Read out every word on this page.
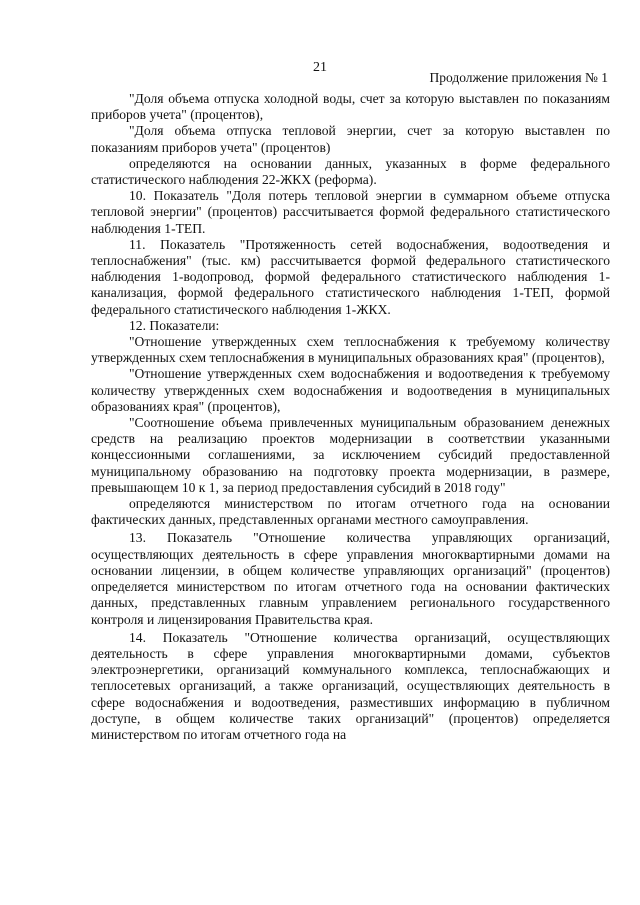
21
Продолжение приложения № 1

"Доля объема отпуска холодной воды, счет за которую выставлен по показаниям приборов учета" (процентов),

"Доля объема отпуска тепловой энергии, счет за которую выставлен по показаниям приборов учета" (процентов)

определяются на основании данных, указанных в форме федерального статистического наблюдения 22-ЖКХ (реформа).

10. Показатель "Доля потерь тепловой энергии в суммарном объеме отпуска тепловой энергии" (процентов) рассчитывается формой федерального статистического наблюдения 1-ТЕП.

11. Показатель "Протяженность сетей водоснабжения, водоотведения и теплоснабжения" (тыс. км) рассчитывается формой федерального статистического наблюдения 1-водопровод, формой федерального статистического наблюдения 1-канализация, формой федерального статистического наблюдения 1-ТЕП, формой федерального статистического наблюдения 1-ЖКХ.

12. Показатели:

"Отношение утвержденных схем теплоснабжения к требуемому количеству утвержденных схем теплоснабжения в муниципальных образованиях края" (процентов),

"Отношение утвержденных схем водоснабжения и водоотведения к требуемому количеству утвержденных схем водоснабжения и водоотведения в муниципальных образованиях края" (процентов),

"Соотношение объема привлеченных муниципальным образованием денежных средств на реализацию проектов модернизации в соответствии указанными концессионными соглашениями, за исключением субсидий предоставленной муниципальному образованию на подготовку проекта модернизации, в размере, превышающем 10 к 1, за период предоставления субсидий в 2018 году"

определяются министерством по итогам отчетного года на основании фактических данных, представленных органами местного самоуправления.

13. Показатель "Отношение количества управляющих организаций, осуществляющих деятельность в сфере управления многоквартирными домами на основании лицензии, в общем количестве управляющих организаций" (процентов) определяется министерством по итогам отчетного года на основании фактических данных, представленных главным управлением регионального государственного контроля и лицензирования Правительства края.

14. Показатель "Отношение количества организаций, осуществляющих деятельность в сфере управления многоквартирными домами, субъектов электроэнергетики, организаций коммунального комплекса, теплоснабжающих и теплосетевых организаций, а также организаций, осуществляющих деятельность в сфере водоснабжения и водоотведения, разместивших информацию в публичном доступе, в общем количестве таких организаций" (процентов) определяется министерством по итогам отчетного года на
